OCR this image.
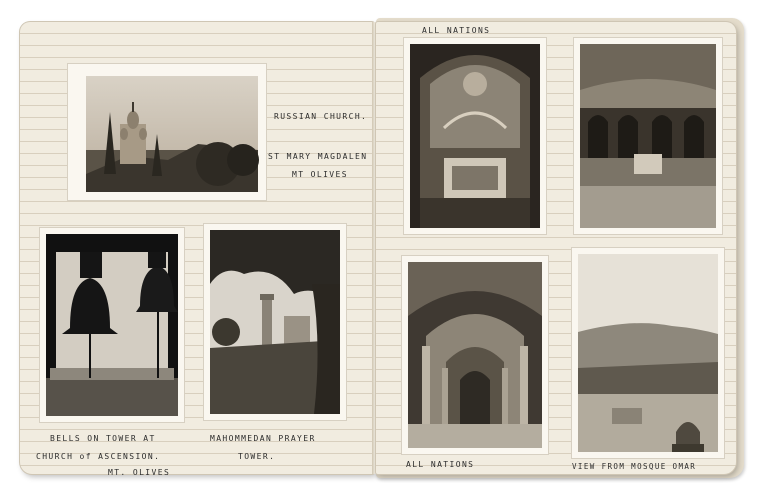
RUSSIAN CHURCH.
ST MARY MAGDALEN
MT OLIVES
BELLS ON TOWER AT
CHURCH of ASCENSION.
MT. OLIVES
MAHOMMEDAN PRAYER
TOWER.
ALL NATIONS
ALL NATIONS	VIEW FROM MOSQUE OMAR
